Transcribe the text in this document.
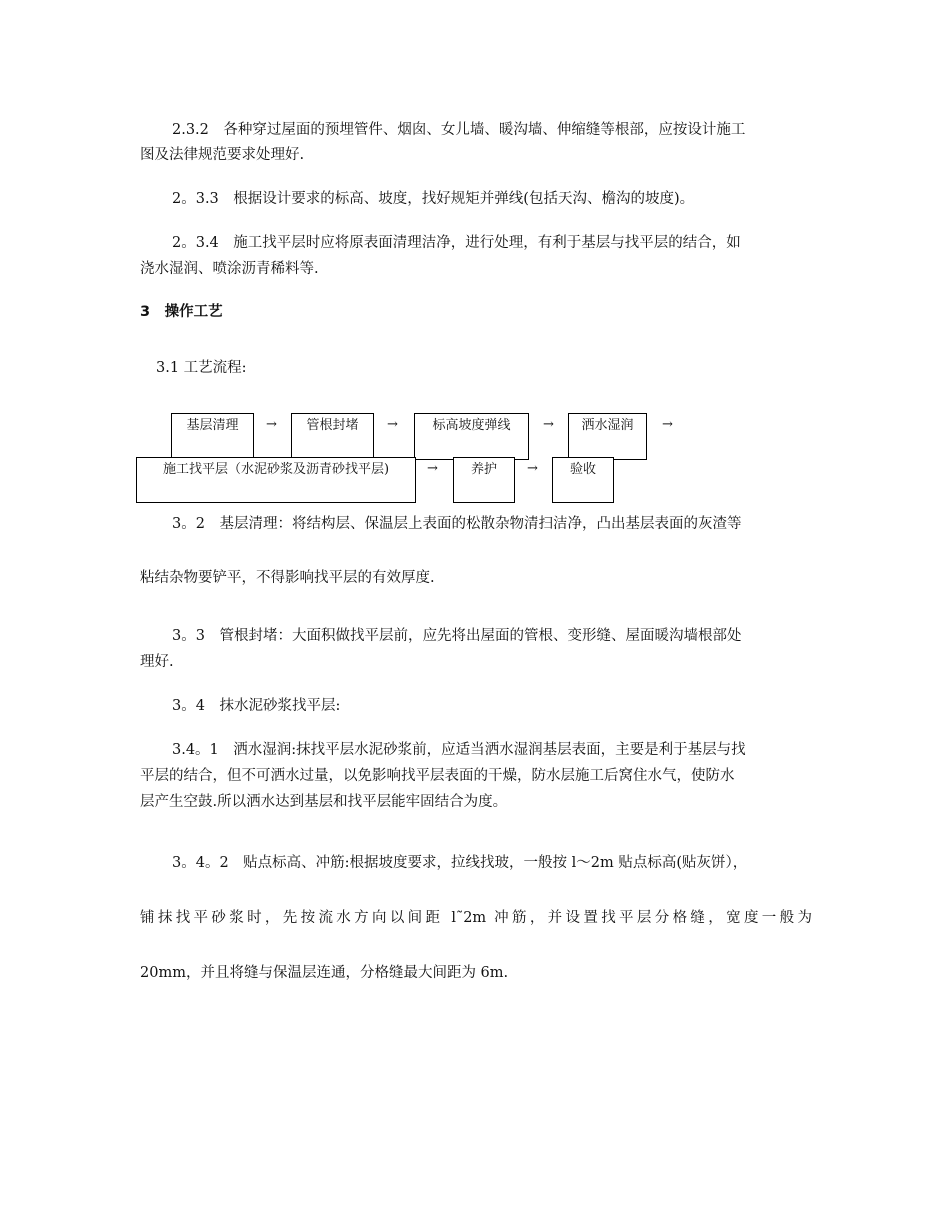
2.3.2　各种穿过屋面的预埋管件、烟囱、女儿墙、暖沟墙、伸缩缝等根部，应按设计施工
图及法律规范要求处理好.
2。3.3　根据设计要求的标高、坡度，找好规矩并弹线(包括天沟、檐沟的坡度)。
2。3.4　施工找平层时应将原表面清理洁净，进行处理，有利于基层与找平层的结合，如
浇水湿润、喷涂沥青稀料等.
3　操作工艺
3.1 工艺流程:
基层清理	→	管根封堵	→	标高坡度弹线	→	洒水湿润	→
施工找平层（水泥砂浆及沥青砂找平层)	→	养护	→	验收
3。2　基层清理：将结构层、保温层上表面的松散杂物清扫洁净，凸出基层表面的灰渣等
粘结杂物要铲平，不得影响找平层的有效厚度.
3。3　管根封堵：大面积做找平层前，应先将出屋面的管根、变形缝、屋面暖沟墙根部处
理好.
3。4　抹水泥砂浆找平层:
3.4。1　洒水湿润:抹找平层水泥砂浆前，应适当洒水湿润基层表面，主要是利于基层与找
平层的结合，但不可洒水过量，以免影响找平层表面的干燥，防水层施工后窝住水气，使防水
层产生空鼓.所以洒水达到基层和找平层能牢固结合为度。
3。4。2　贴点标高、冲筋:根据坡度要求，拉线找玻，一般按 l～2m 贴点标高(贴灰饼），
铺抹找平砂浆时，先按流水方向以间距 l˜2m 冲筋，并设置找平层分格缝，宽度一般为
20mm，并且将缝与保温层连通，分格缝最大间距为 6m.
